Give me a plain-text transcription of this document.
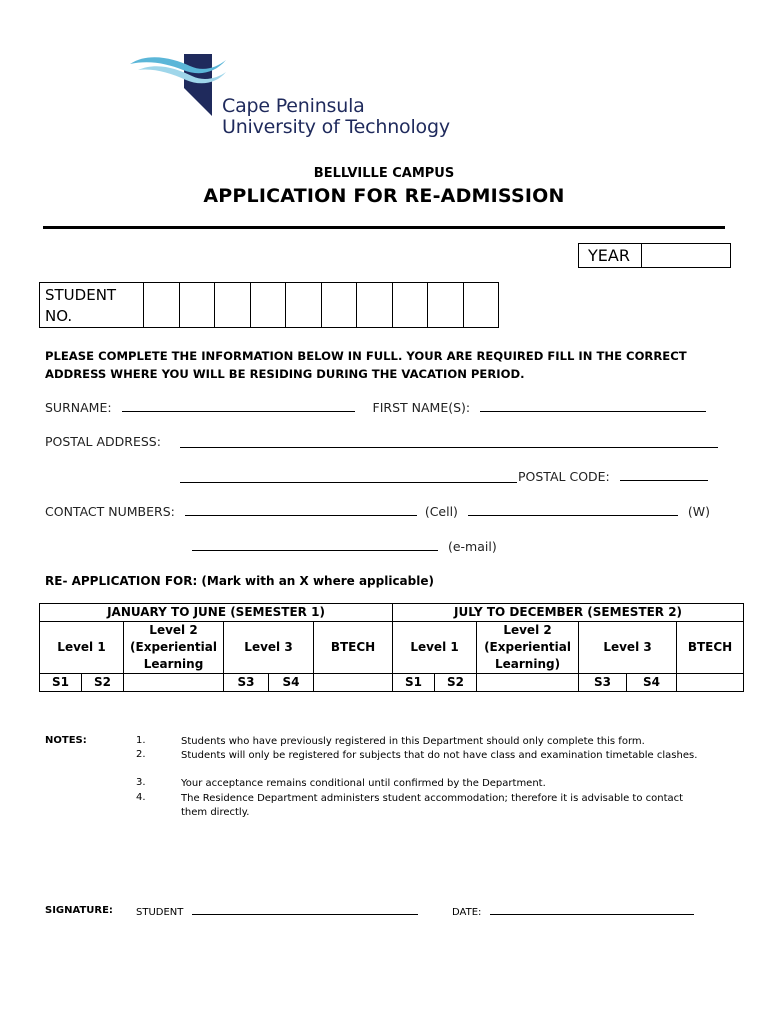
Cape Peninsula
University of Technology
BELLVILLE CAMPUS
APPLICATION FOR RE-ADMISSION
YEAR
STUDENT
NO.
PLEASE COMPLETE THE INFORMATION BELOW IN FULL. YOUR ARE REQUIRED FILL IN THE CORRECT ADDRESS WHERE YOU WILL BE RESIDING DURING THE VACATION PERIOD.
SURNAME:	FIRST NAME(S):
POSTAL ADDRESS:
POSTAL CODE:
CONTACT NUMBERS:	(Cell)	(W)
(e-mail)
RE- APPLICATION FOR: (Mark with an X where applicable)
JANUARY TO JUNE (SEMESTER 1)						JULY TO DECEMBER (SEMESTER 2)					
Level 1		Level 2 (Experiential Learning	Level 3		BTECH	Level 1		Level 2 (Experiential Learning)	Level 3		BTECH
S1	S2		S3	S4		S1	S2		S3	S4	
NOTES:	1.	Students who have previously registered in this Department should only complete this form.
2.	Students will only be registered for subjects that do not have class and examination timetable clashes.
3.	Your acceptance remains conditional until confirmed by the Department.
4.	The Residence Department administers student accommodation; therefore it is advisable to contact them directly.
SIGNATURE: STUDENT	DATE:
